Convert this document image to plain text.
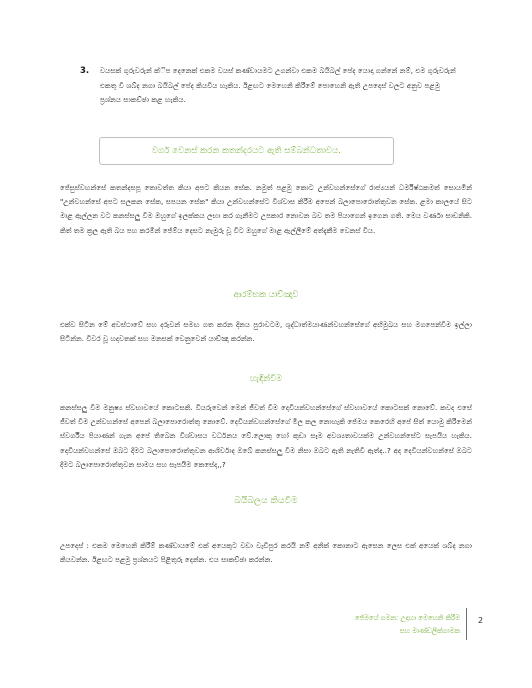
3.	වයසක් ගුරුවරුන් ක්ිප දෙනෙක් එකම වයස් කණ්ඩායමට උගන්වා එකම බයිබල් පේද යොදා ගන්නේ නම්, එම ගුරුවරුන් එකතු වී ශබ්ද නගා බයිබල් පේද කියවිය හැකිය. ඊළඟට මෙහෙනි කිරීමේ පොහෙනි ඇති උපදෙස් වලට අනුව පළමු ප්‍රශ්නය සාකච්ඡා කළ හැකිය.
වර්ග වෙනස් කරන කතන්දරයට ඇති සම්බන්ධතාවය.
ජේසුස්වහන්සේ කතන්දසපූ තොවත්ත කියා අපට කියන සේක. නමුත් පළමු කොට උන්වහන්සේගේ රාජ්‍යයන් ධර්මිෂ්ඨකමත් සොයමින් "උන්වහන්සේ අපට සලකන සේක, සපයන සේක" කියා උන්වහන්සේට විශ්වාස කිරීම අපෙන් බලාපොරොත්තුවන සේක. ළමා කාලයේ සිට මාළ ඇල්ලන වට කනස්සලු වීම ඔහුගේ ඉලක්කය ලභා කර ගැනීමට උපකාර නොවන බව තම පියාගෙන් ඉගෙන ගති. මෙය වර්ණා සාඩනිකි. කිත් තම ක්‍රල ඇති බය පහ කරමින් ජේම්ය දෙසට නැමුරු වූ විට ඔහුගේ මාළ ඇල්ලීමේ අත්දැකීම වෙනස් විය.
ආරම්භක යාච්ඤාව
එක්ව සිටින මේ අවස්ථාවේ සහ දරුවන් සමඟ ගත කරන දිනය පුරාවටම, ශුද්ධාත්මයාණන්වහන්සේගේ අභිමුඛය සහ මගපෙන්වීම ඉල්ලා සිටින්න. විවර වූ හදවතක් සහ මනසක් වෙනුවෙන් යාච්ඤා කරන්න.
හැඳින්වීම
කනස්සලු වීම මනුෂ්‍ය ස්වභාවයේ කොටසකි. වියරුවෙන් මෙන් ජීවත් වීම දෙවියන්වහන්සේගේ ස්වභාවයේ කොටසක් නොවේ. කවද එසේ ජීවත් වීම උන්වහන්සේ අපෙන් බලාපොරොත්තු නොවේ. දෙවියන්වහන්සේගේ මිල කල නොහැකි ජේමය කෙරෙහි අපේ සිත් යොමු කිරීමෙන් ස්වර්ගීය පියාණන් ගැන අපේ තිබෙන විශ්වාසය වර්ධනය වේ.ලොකු හෝ කුඩා සෑම අවශ්‍යතාවයක්ම උන්වහන්සේට සැපයිය හැකිය. දෙවියන්වහන්සේ ඔබට දීමට බලාපොරොත්තුවන ආශිර්වාද ඔබේ කනස්සලු වීම නිසා ඔබට ඇති නැතිවී ඇත්ද..? අද දෙවියන්වහන්සේ ඔබට දීමට බලාපොරොත්තුවන සාමය සහ සැපයීම කෙසේද,,?
බයිබලය කියවීම
උපදෙස් : එකම මෙහෙනි කිරීම් කණ්ඩායමේ එක් අයෙකුට වඩා වැඩිපුර කරයි නම් අනික් කොනාට ඇසෙන ලෙස එක් අයෙක් ශබ්ද නගා කියවන්න. ඊළඟට පළමු ප්‍රශ්නයට පිළිතුරු දෙන්න. එය සාකච්ඡා කරන්න.
ජේමයේ ගමන: උදාහා මෙහෙනි කිරීම
සහ මාණ්ඩලික්ගාමක
2
